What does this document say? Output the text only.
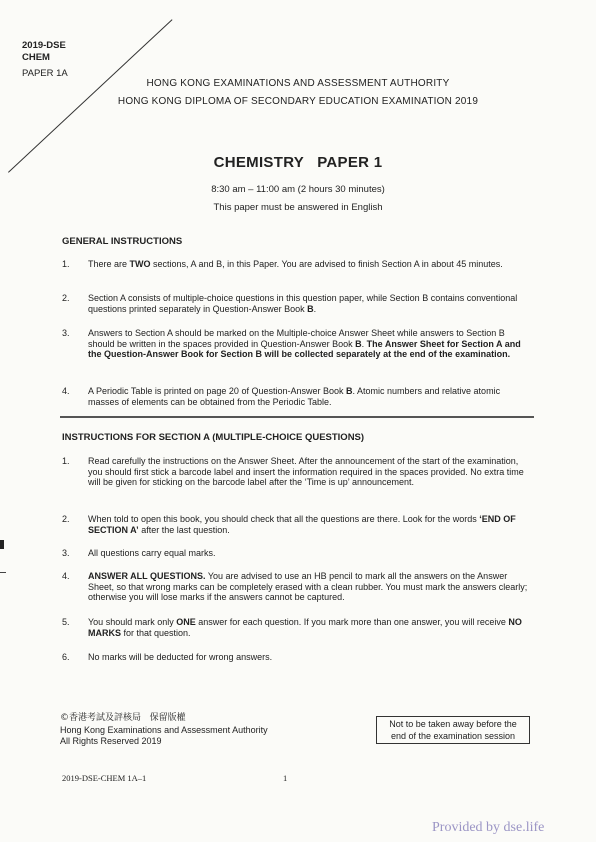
2019-DSE
CHEM
PAPER 1A
HONG KONG EXAMINATIONS AND ASSESSMENT AUTHORITY
HONG KONG DIPLOMA OF SECONDARY EDUCATION EXAMINATION 2019
CHEMISTRY   PAPER 1
8:30 am – 11:00 am (2 hours 30 minutes)
This paper must be answered in English
GENERAL INSTRUCTIONS
1. There are TWO sections, A and B, in this Paper. You are advised to finish Section A in about 45 minutes.
2. Section A consists of multiple-choice questions in this question paper, while Section B contains conventional questions printed separately in Question-Answer Book B.
3. Answers to Section A should be marked on the Multiple-choice Answer Sheet while answers to Section B should be written in the spaces provided in Question-Answer Book B. The Answer Sheet for Section A and the Question-Answer Book for Section B will be collected separately at the end of the examination.
4. A Periodic Table is printed on page 20 of Question-Answer Book B. Atomic numbers and relative atomic masses of elements can be obtained from the Periodic Table.
INSTRUCTIONS FOR SECTION A (MULTIPLE-CHOICE QUESTIONS)
1. Read carefully the instructions on the Answer Sheet. After the announcement of the start of the examination, you should first stick a barcode label and insert the information required in the spaces provided. No extra time will be given for sticking on the barcode label after the ‘Time is up’ announcement.
2. When told to open this book, you should check that all the questions are there. Look for the words ‘END OF SECTION A’ after the last question.
3. All questions carry equal marks.
4. ANSWER ALL QUESTIONS. You are advised to use an HB pencil to mark all the answers on the Answer Sheet, so that wrong marks can be completely erased with a clean rubber. You must mark the answers clearly; otherwise you will lose marks if the answers cannot be captured.
5. You should mark only ONE answer for each question. If you mark more than one answer, you will receive NO MARKS for that question.
6. No marks will be deducted for wrong answers.
©香港考試及評核局   保留版權
Hong Kong Examinations and Assessment Authority
All Rights Reserved 2019
Not to be taken away before the
end of the examination session
2019-DSE-CHEM 1A–1	1
Provided by dse.life
